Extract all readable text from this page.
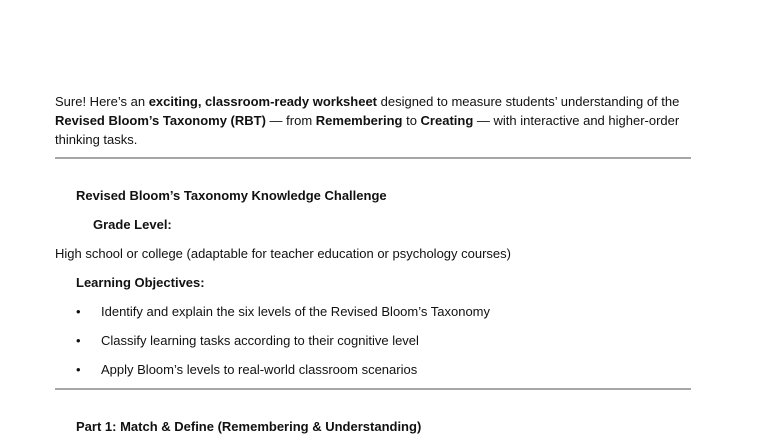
Sure! Here’s an exciting, classroom-ready worksheet designed to measure students’ understanding of the Revised Bloom’s Taxonomy (RBT) — from Remembering to Creating — with interactive and higher-order thinking tasks.

Revised Bloom’s Taxonomy Knowledge Challenge

Grade Level:

High school or college (adaptable for teacher education or psychology courses)

Learning Objectives:

• Identify and explain the six levels of the Revised Bloom’s Taxonomy

• Classify learning tasks according to their cognitive level

• Apply Bloom’s levels to real-world classroom scenarios

Part 1: Match & Define (Remembering & Understanding)
